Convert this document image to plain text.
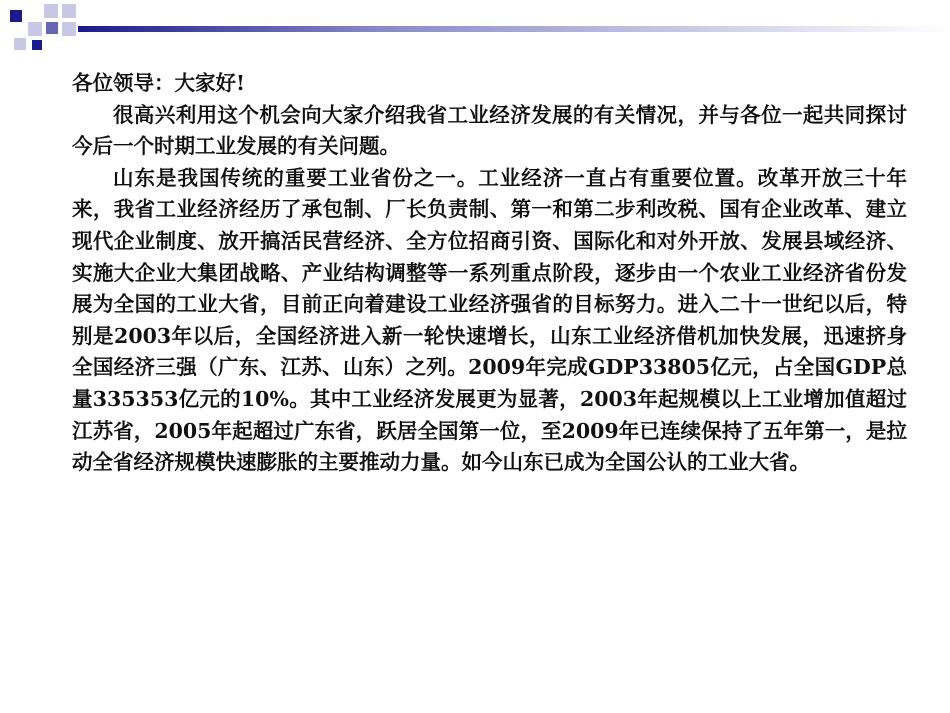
各位领导：大家好!

很高兴利用这个机会向大家介绍我省工业经济发展的有关情况，并与各位一起共同探讨今后一个时期工业发展的有关问题。

山东是我国传统的重要工业省份之一。工业经济一直占有重要位置。改革开放三十年来，我省工业经济经历了承包制、厂长负责制、第一和第二步利改税、国有企业改革、建立现代企业制度、放开搞活民营经济、全方位招商引资、国际化和对外开放、发展县域经济、实施大企业大集团战略、产业结构调整等一系列重点阶段，逐步由一个农业工业经济省份发展为全国的工业大省，目前正向着建设工业经济强省的目标努力。进入二十一世纪以后，特别是2003年以后，全国经济进入新一轮快速增长，山东工业经济借机加快发展，迅速挤身全国经济三强（广东、江苏、山东）之列。2009年完成GDP33805亿元，占全国GDP总量335353亿元的10%。其中工业经济发展更为显著，2003年起规模以上工业增加值超过江苏省，2005年起超过广东省，跃居全国第一位，至2009年已连续保持了五年第一，是拉动全省经济规模快速膨胀的主要推动力量。如今山东已成为全国公认的工业大省。
